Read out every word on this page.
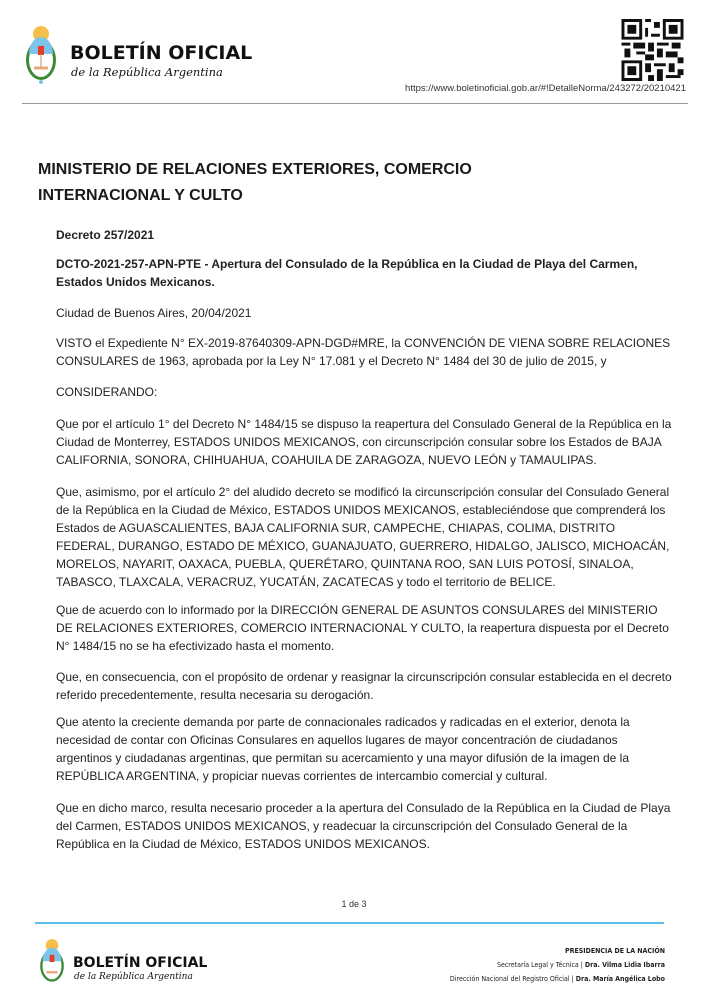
BOLETÍN OFICIAL
de la República Argentina
https://www.boletinoficial.gob.ar/#!DetalleNorma/243272/20210421
MINISTERIO DE RELACIONES EXTERIORES, COMERCIO
INTERNACIONAL Y CULTO
Decreto 257/2021
DCTO-2021-257-APN-PTE - Apertura del Consulado de la República en la Ciudad de Playa del Carmen,
Estados Unidos Mexicanos.
Ciudad de Buenos Aires, 20/04/2021
VISTO el Expediente N° EX-2019-87640309-APN-DGD#MRE, la CONVENCIÓN DE VIENA SOBRE RELACIONES
CONSULARES de 1963, aprobada por la Ley N° 17.081 y el Decreto N° 1484 del 30 de julio de 2015, y
CONSIDERANDO:
Que por el artículo 1° del Decreto N° 1484/15 se dispuso la reapertura del Consulado General de la República en la
Ciudad de Monterrey, ESTADOS UNIDOS MEXICANOS, con circunscripción consular sobre los Estados de BAJA
CALIFORNIA, SONORA, CHIHUAHUA, COAHUILA DE ZARAGOZA, NUEVO LEÓN y TAMAULIPAS.
Que, asimismo, por el artículo 2° del aludido decreto se modificó la circunscripción consular del Consulado General
de la República en la Ciudad de México, ESTADOS UNIDOS MEXICANOS, estableciéndose que comprenderá los
Estados de AGUASCALIENTES, BAJA CALIFORNIA SUR, CAMPECHE, CHIAPAS, COLIMA, DISTRITO
FEDERAL, DURANGO, ESTADO DE MÉXICO, GUANAJUATO, GUERRERO, HIDALGO, JALISCO, MICHOACÁN,
MORELOS, NAYARIT, OAXACA, PUEBLA, QUERÉTARO, QUINTANA ROO, SAN LUIS POTOSÍ, SINALOA,
TABASCO, TLAXCALA, VERACRUZ, YUCATÁN, ZACATECAS y todo el territorio de BELICE.
Que de acuerdo con lo informado por la DIRECCIÓN GENERAL DE ASUNTOS CONSULARES del MINISTERIO
DE RELACIONES EXTERIORES, COMERCIO INTERNACIONAL Y CULTO, la reapertura dispuesta por el Decreto
N° 1484/15 no se ha efectivizado hasta el momento.
Que, en consecuencia, con el propósito de ordenar y reasignar la circunscripción consular establecida en el decreto
referido precedentemente, resulta necesaria su derogación.
Que atento la creciente demanda por parte de connacionales radicados y radicadas en el exterior, denota la
necesidad de contar con Oficinas Consulares en aquellos lugares de mayor concentración de ciudadanos
argentinos y ciudadanas argentinas, que permitan su acercamiento y una mayor difusión de la imagen de la
REPÚBLICA ARGENTINA, y propiciar nuevas corrientes de intercambio comercial y cultural.
Que en dicho marco, resulta necesario proceder a la apertura del Consulado de la República en la Ciudad de Playa
del Carmen, ESTADOS UNIDOS MEXICANOS, y readecuar la circunscripción del Consulado General de la
República en la Ciudad de México, ESTADOS UNIDOS MEXICANOS.
1 de 3
BOLETÍN OFICIAL
de la República Argentina
PRESIDENCIA DE LA NACIÓN
Secretaría Legal y Técnica | Dra. Vilma Lidia Ibarra
Dirección Nacional del Registro Oficial | Dra. María Angélica Lobo
